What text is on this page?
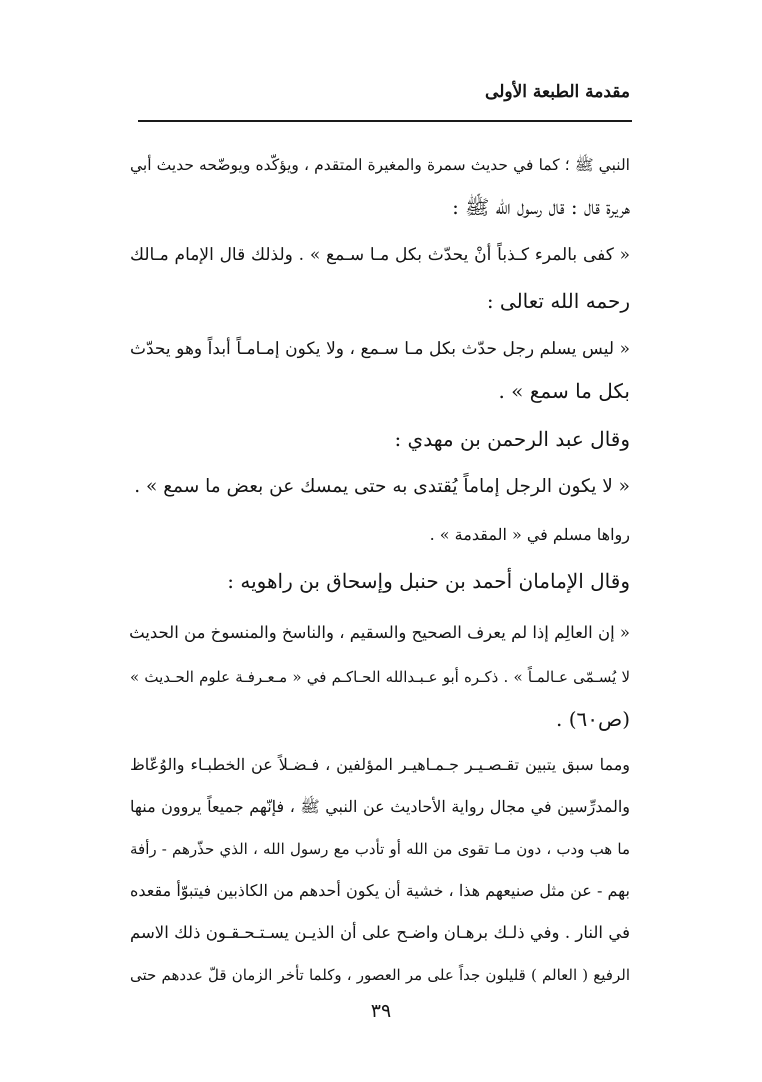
مقدمة الطبعة الأولى
النبي ﷺ ؛ كما في حديث سمرة والمغيرة المتقدم ، ويؤكّده ويوضّحه حديث أبي
هريرة قال : قال رسول الله ﷺ :
« كفى بالمرء كـذباً أنْ يحدّث بكل مـا سـمع » . ولذلك قال الإمام مـالك
رحمه الله تعالى :
« ليس يسلم رجل حدّث بكل مـا سـمع ، ولا يكون إمـامـاً أبداً وهو يحدّث
بكل ما سمع » .
وقال عبد الرحمن بن مهدي :
« لا يكون الرجل إماماً يُقتدى به حتى يمسك عن بعض ما سمع » .
رواها مسلم في « المقدمة » .
وقال الإمامان أحمد بن حنبل وإسحاق بن راهويه :
« إن العالِم إذا لم يعرف الصحيح والسقيم ، والناسخ والمنسوخ من الحديث
لا يُسـمّى عـالمـاً » . ذكـره أبو عـبـدالله الحـاكـم في « مـعـرفـة علوم الحـديث »
(ص٦٠) .
ومما سبق يتبين تقـصـيـر جـمـاهيـر المؤلفين ، فـضـلاً عن الخطبـاء والوُعّاظ
والمدرِّسين في مجال رواية الأحاديث عن النبي ﷺ ، فإنّهم جميعاً يروون منها
ما هب ودب ، دون مـا تقوى من الله أو تأدب مع رسول الله ، الذي حذّرهم - رأفة
بهم - عن مثل صنيعهم هذا ، خشية أن يكون أحدهم من الكاذبين فيتبوّأ مقعده
في النار . وفي ذلـك برهـان واضـح على أن الذيـن يسـتـحـقـون ذلك الاسم
الرفيع ( العالم ) قليلون جداً على مر العصور ، وكلما تأخر الزمان قلّ عددهم حتى
٣٩
